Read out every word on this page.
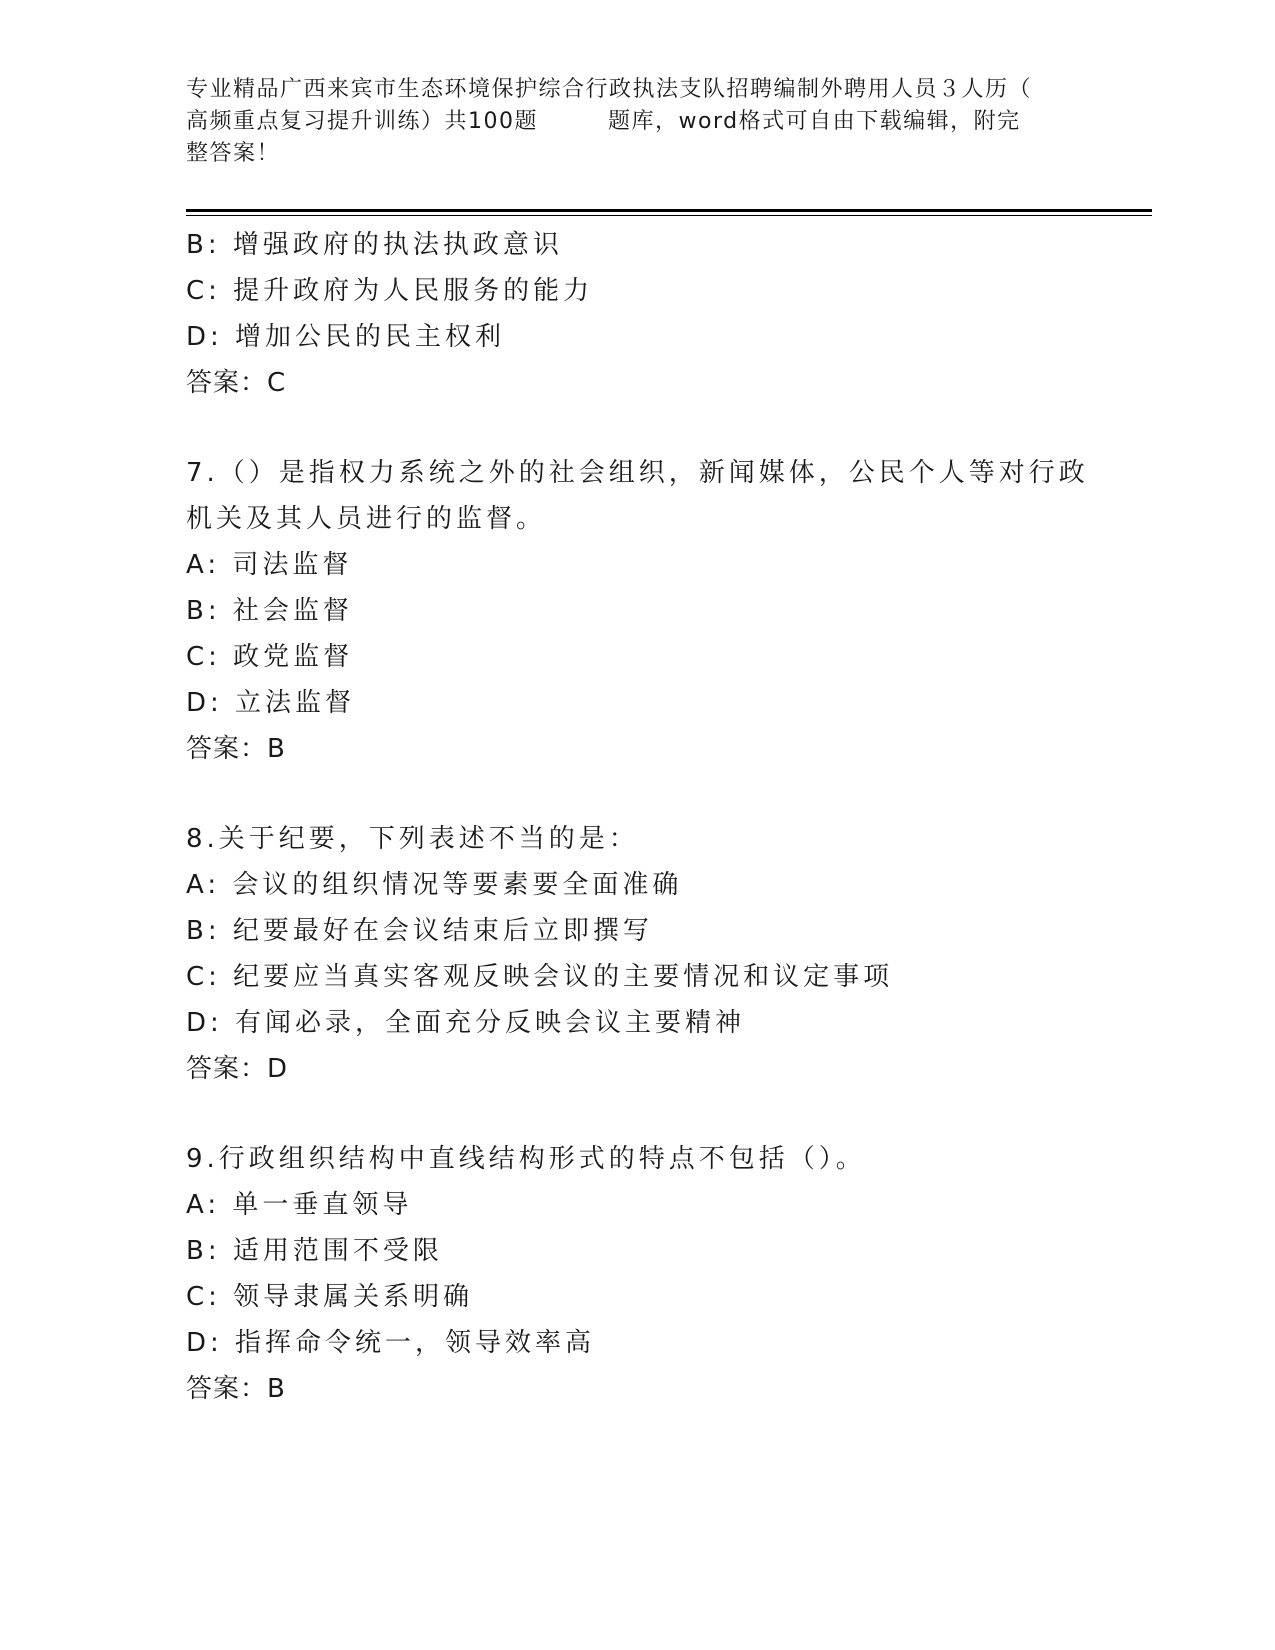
专业精品广西来宾市生态环境保护综合行政执法支队招聘编制外聘用人员３人历（
高频重点复习提升训练）共100题	题库，word格式可自由下载编辑，附完
整答案！
B: 增强政府的执法执政意识
C: 提升政府为人民服务的能力
D: 增加公民的民主权利
答案：C
7.（）是指权力系统之外的社会组织，新闻媒体，公民个人等对行政
机关及其人员进行的监督。
A: 司法监督
B: 社会监督
C: 政党监督
D: 立法监督
答案：B
8.关于纪要，下列表述不当的是：
A: 会议的组织情况等要素要全面准确
B: 纪要最好在会议结束后立即撰写
C: 纪要应当真实客观反映会议的主要情况和议定事项
D: 有闻必录，全面充分反映会议主要精神
答案：D
9.行政组织结构中直线结构形式的特点不包括（）。
A: 单一垂直领导
B: 适用范围不受限
C: 领导隶属关系明确
D: 指挥命令统一，领导效率高
答案：B
